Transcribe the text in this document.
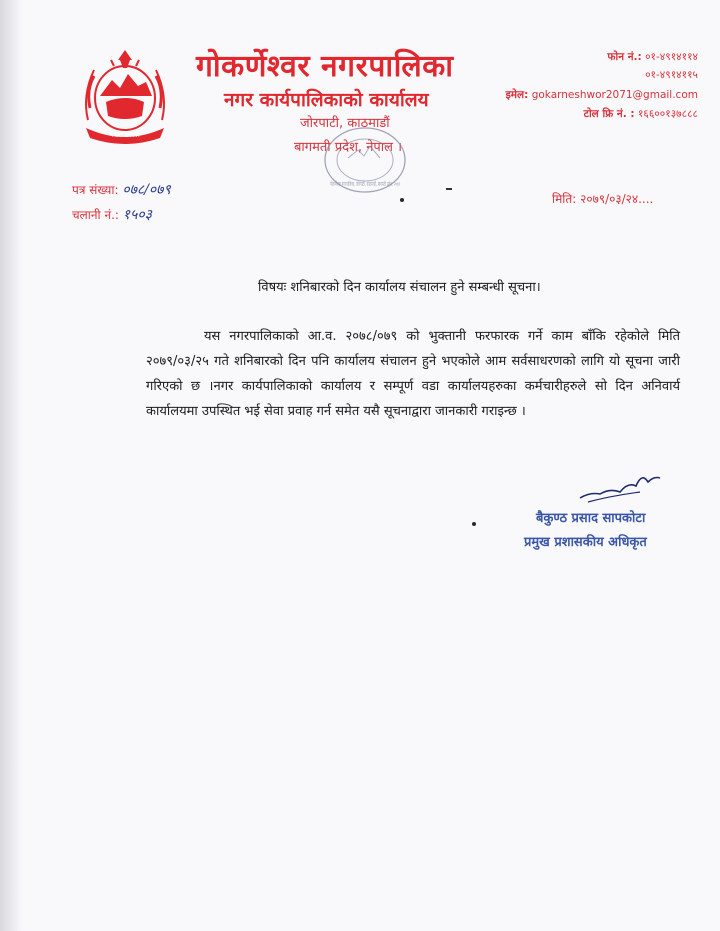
नेपाल सरकार
गोकर्णेश्वर नगरपालिका
नगर कार्यपालिकाको कार्यालय
जोरपाटी, काठमाडौं
बागमती प्रदेश, नेपाल ।
गोकर्णेश्वर नगरपालिका, जोरपाटी, काठमाडौं, बागमती प्रदेश, २०७१
फोन नं.: ०१-४९१४११४
०१-४९१४११५
इमेल: gokarneshwor2071@gmail.com
टोल फ्रि नं. : १६६००१३७८८८
पत्र संख्या: ०७८/०७९
चलानी नं.: १५०३
मिति: २०७९/०३/२४....
विषयः शनिबारको दिन कार्यालय संचालन हुने सम्बन्धी सूचना।
यस नगरपालिकाको आ.व. २०७८/०७९ को भुक्तानी फरफारक गर्ने काम बाँकि रहेकोले मिति २०७९/०३/२५ गते शनिबारको दिन पनि कार्यालय संचालन हुने भएकोले आम सर्वसाधरणको लागि यो सूचना जारी गरिएको छ ।नगर कार्यपालिकाको कार्यालय र सम्पूर्ण वडा कार्यालयहरुका कर्मचारीहरुले सो दिन अनिवार्य कार्यालयमा उपस्थित भई सेवा प्रवाह गर्न समेत यसै सूचनाद्वारा जानकारी गराइन्छ ।
बैकुण्ठ प्रसाद सापकोटा
प्रमुख प्रशासकीय अधिकृत
